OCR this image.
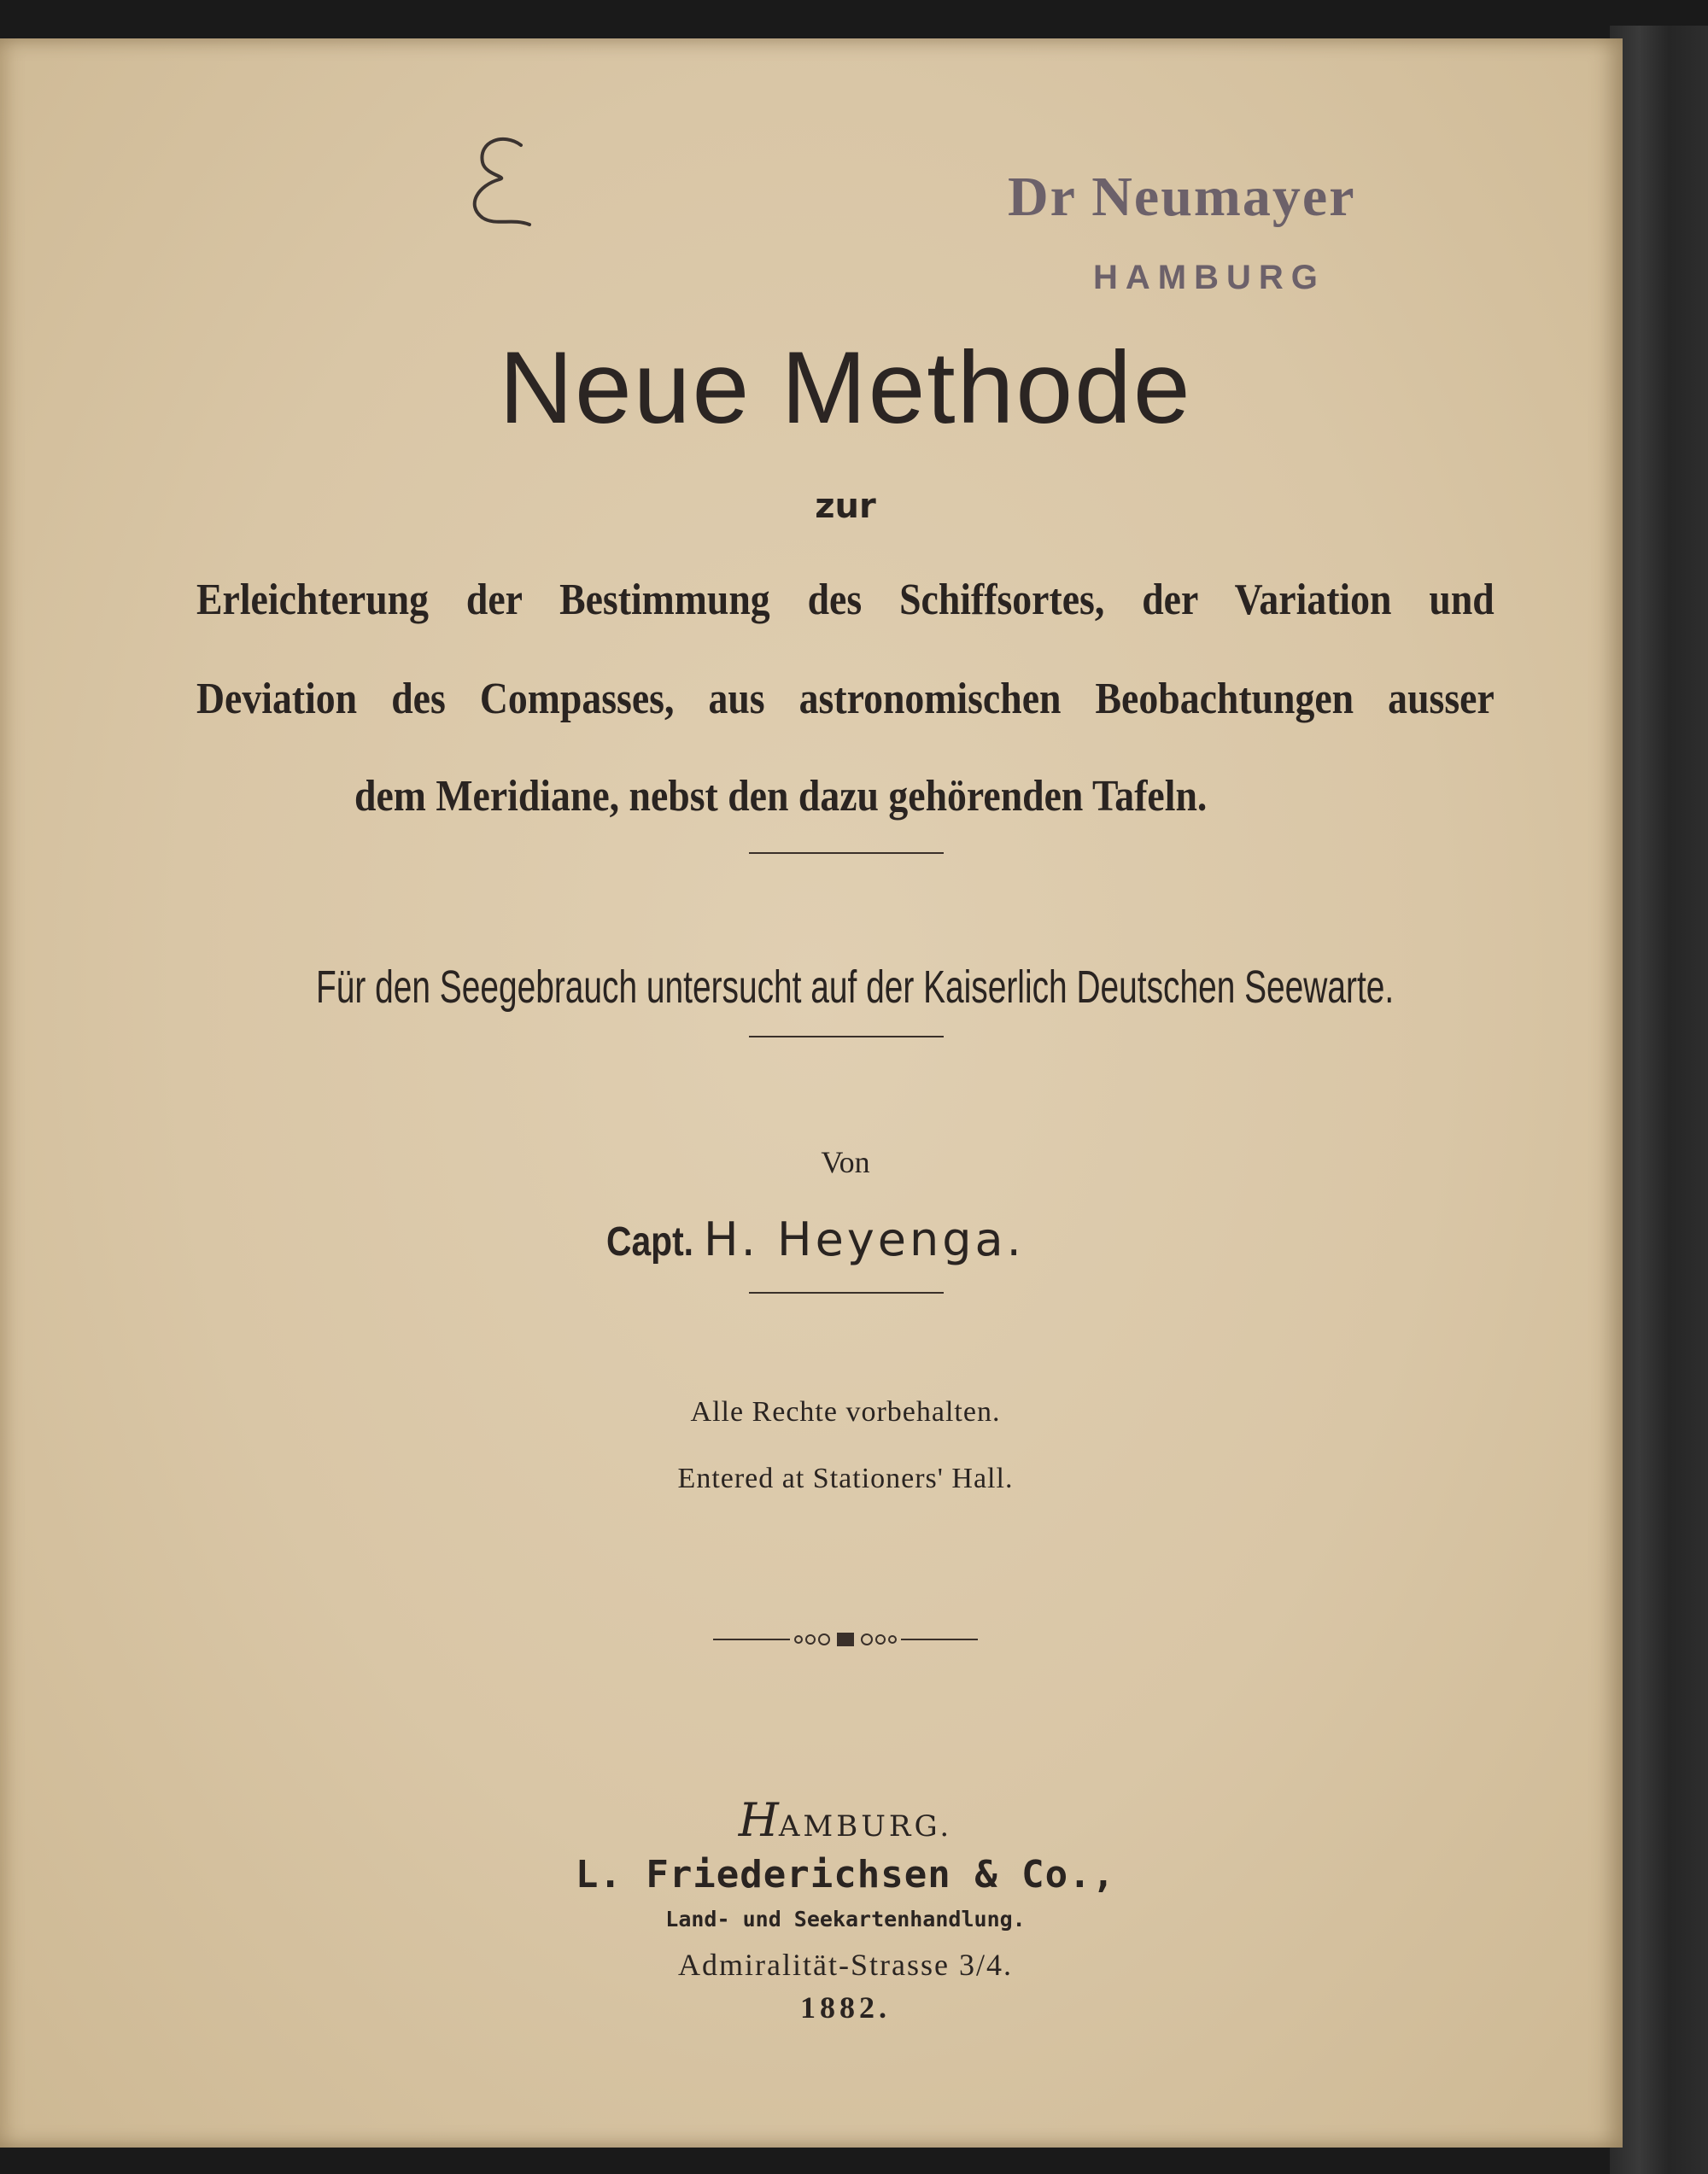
Dr Neumayer
HAMBURG
Neue Methode
zur
Erleichterung der Bestimmung des Schiffsortes, der Variation und
Deviation des Compasses, aus astronomischen Beobachtungen ausser
dem Meridiane, nebst den dazu gehörenden Tafeln.
Für den Seegebrauch untersucht auf der Kaiserlich Deutschen Seewarte.
Von
Capt. H. Heyenga.
Alle Rechte vorbehalten.
Entered at Stationers' Hall.
HAMBURG.
L. Friederichsen & Co.,
Land- und Seekartenhandlung.
Admiralität-Strasse 3/4.
1882.
